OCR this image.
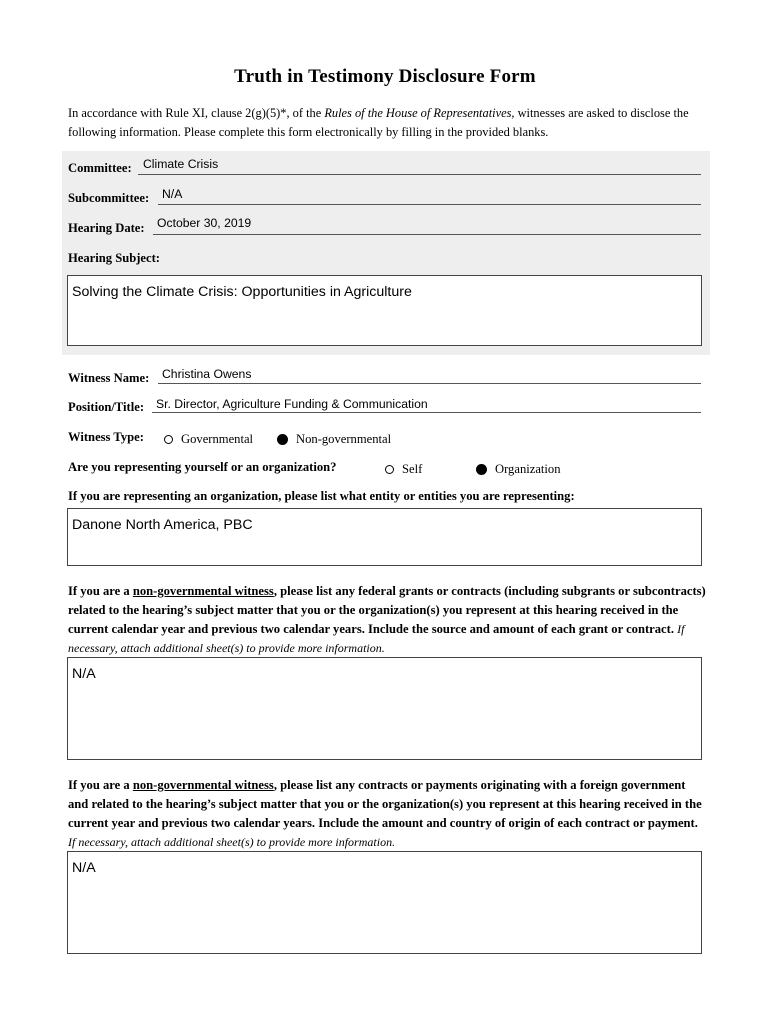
Truth in Testimony Disclosure Form
In accordance with Rule XI, clause 2(g)(5)*, of the Rules of the House of Representatives, witnesses are asked to disclose the following information. Please complete this form electronically by filling in the provided blanks.
Committee: Climate Crisis
Subcommittee: N/A
Hearing Date: October 30, 2019
Hearing Subject:
Solving the Climate Crisis: Opportunities in Agriculture
Witness Name: Christina Owens
Position/Title: Sr. Director, Agriculture Funding & Communication
Witness Type:	Governmental	Non-governmental
Are you representing yourself or an organization?	Self	Organization
If you are representing an organization, please list what entity or entities you are representing:
Danone North America, PBC
If you are a non-governmental witness, please list any federal grants or contracts (including subgrants or subcontracts) related to the hearing’s subject matter that you or the organization(s) you represent at this hearing received in the current calendar year and previous two calendar years. Include the source and amount of each grant or contract. If necessary, attach additional sheet(s) to provide more information.
N/A
If you are a non-governmental witness, please list any contracts or payments originating with a foreign government and related to the hearing’s subject matter that you or the organization(s) you represent at this hearing received in the current year and previous two calendar years. Include the amount and country of origin of each contract or payment. If necessary, attach additional sheet(s) to provide more information.
N/A
